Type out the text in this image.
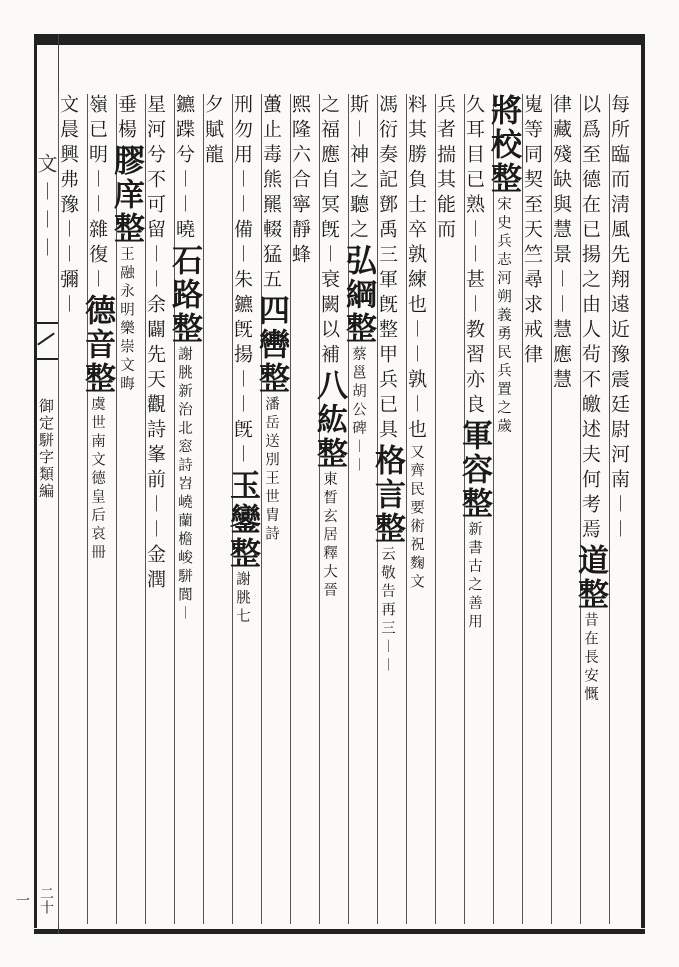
文︱︱︱
御定駢字類編
二十一
每所臨而淸風先翔遠近豫震廷尉河南︱︱
以爲至德在已揚之由人茍不皦述夫何考焉道整昔在長安慨
律藏殘缺與慧景︱︱慧應慧
嵬等同契至天竺尋求戒律
將校整宋史兵志河朔義勇民兵置之歲
久耳目已熟︱︱甚︱教習亦良軍容整新書古之善用
兵者揣其能而
料其勝負士卒孰練也︱︱孰︱也又齊民要術祝麴文
馮衍奏記鄧禹三軍旣整甲兵已具格言整云敬告再三︱︱
斯︱神之聽之弘綱整蔡邕胡公碑︱︱
之福應自冥旣︱衰闕以補八紘整東晳玄居釋大晉
熙隆六合寧靜蜂
蠆止毒熊羆輟猛五四轡整潘岳送別王世胄詩
刑勿用︱︱備︱朱鑣旣揚︱︱旣︱玉鑾整謝朓七
夕賦龍
鑣蹀兮︱︱曉石路整謝朓新治北窓詩岧嶢蘭檐峻駢閬︱
星河兮不可留︱︱余闢先天觀詩峯前︱︱金潤
垂楊膠庠整王融永明樂崇文晦
嶺已明︱︱雜復︱德音整虞世南文德皇后哀冊
文晨興弗豫︱︱彌︱
